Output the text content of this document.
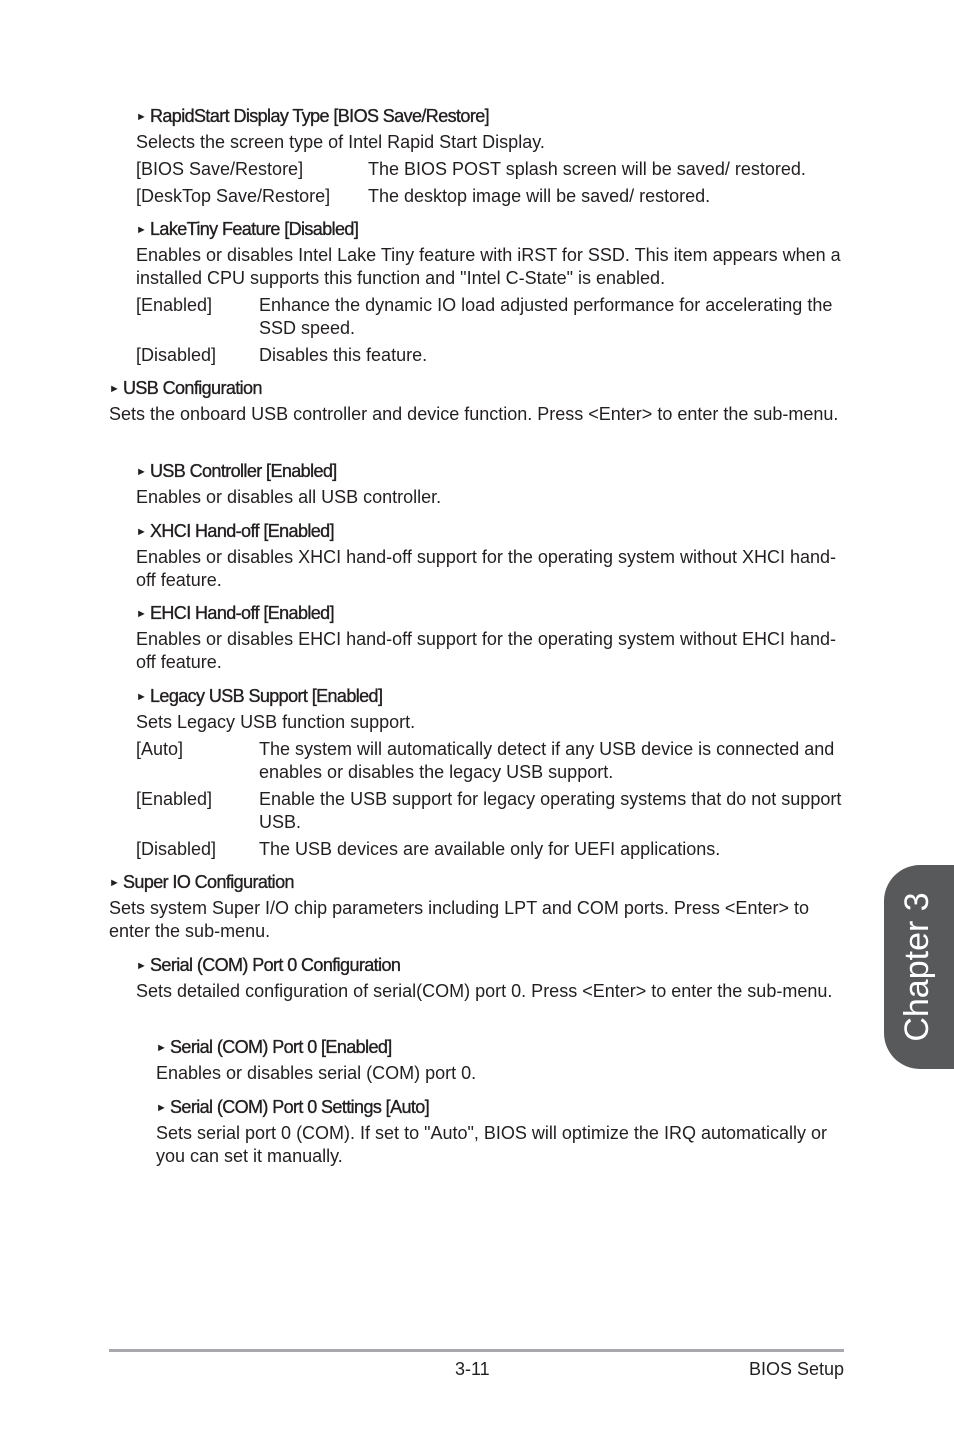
► RapidStart Display Type [BIOS Save/Restore]
Selects the screen type of Intel Rapid Start Display.
[BIOS Save/Restore]	The BIOS POST splash screen will be saved/ restored.
[DeskTop Save/Restore]	The desktop image will be saved/ restored.
► LakeTiny Feature [Disabled]
Enables or disables Intel Lake Tiny feature with iRST for SSD. This item appears when a installed CPU supports this function and "Intel C-State" is enabled.
[Enabled]	Enhance the dynamic IO load adjusted performance for accelerating the SSD speed.
[Disabled]	Disables this feature.
► USB Configuration
Sets the onboard USB controller and device function. Press <Enter> to enter the sub-menu.
► USB Controller [Enabled]
Enables or disables all USB controller.
► XHCI Hand-off [Enabled]
Enables or disables XHCI hand-off support for the operating system without XHCI hand-off feature.
► EHCI Hand-off [Enabled]
Enables or disables EHCI hand-off support for the operating system without EHCI hand-off feature.
► Legacy USB Support [Enabled]
Sets Legacy USB function support.
[Auto]	The system will automatically detect if any USB device is connected and enables or disables the legacy USB support.
[Enabled]	Enable the USB support for legacy operating systems that do not support USB.
[Disabled]	The USB devices are available only for UEFI applications.
► Super IO Configuration
Sets system Super I/O chip parameters including LPT and COM ports. Press <Enter> to enter the sub-menu.
► Serial (COM) Port 0 Configuration
Sets detailed configuration of serial(COM) port 0. Press <Enter> to enter the sub-menu.
► Serial (COM) Port 0 [Enabled]
Enables or disables serial (COM) port 0.
► Serial (COM) Port 0 Settings [Auto]
Sets serial port 0 (COM). If set to "Auto", BIOS will optimize the IRQ automatically or you can set it manually.
Chapter 3
3-11	BIOS Setup
